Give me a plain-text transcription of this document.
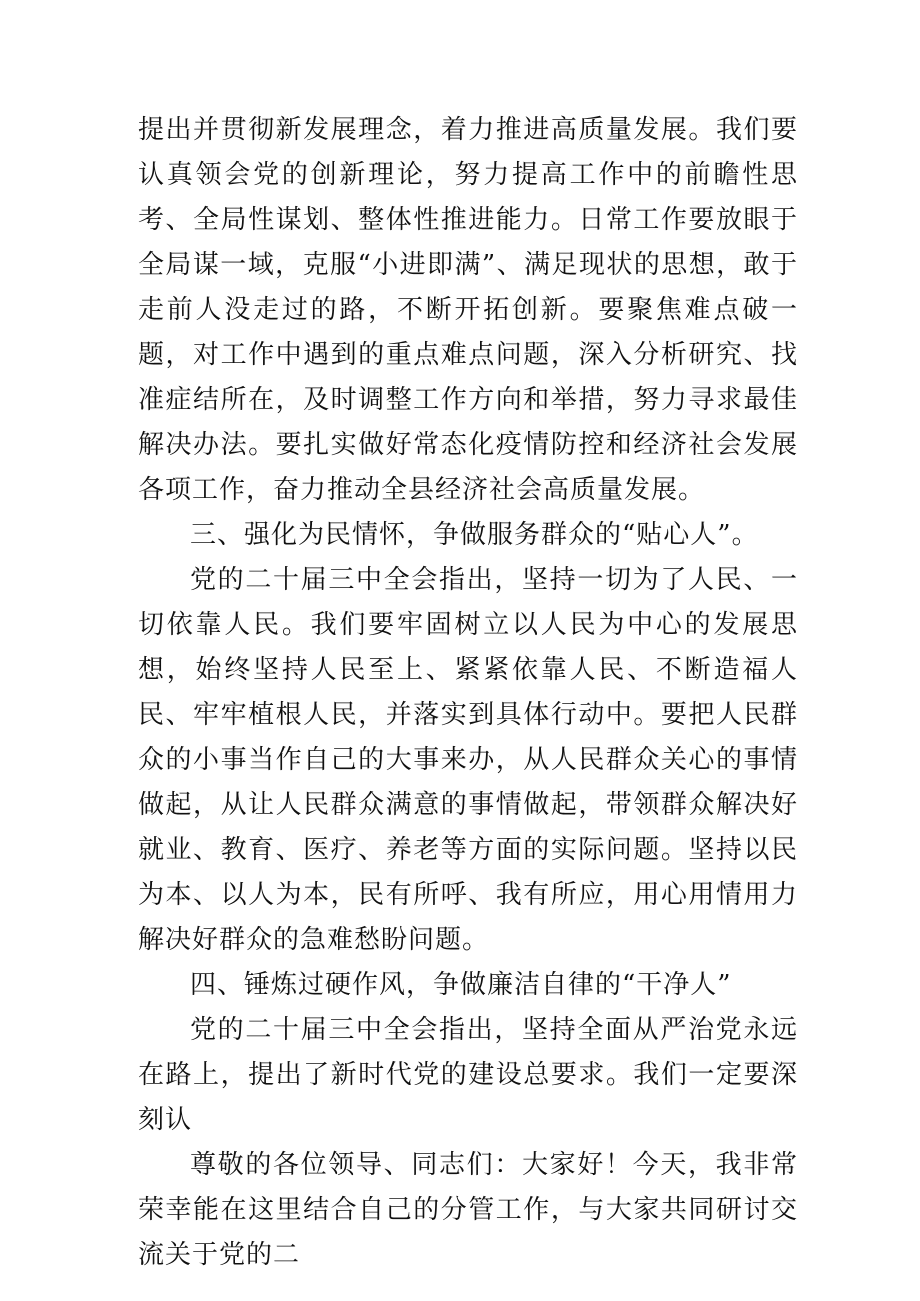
提出并贯彻新发展理念，着力推进高质量发展。我们要认真领会党的创新理论，努力提高工作中的前瞻性思考、全局性谋划、整体性推进能力。日常工作要放眼于全局谋一域，克服“小进即满”、满足现状的思想，敢于走前人没走过的路，不断开拓创新。要聚焦难点破一题，对工作中遇到的重点难点问题，深入分析研究、找准症结所在，及时调整工作方向和举措，努力寻求最佳解决办法。要扎实做好常态化疫情防控和经济社会发展各项工作，奋力推动全县经济社会高质量发展。

三、强化为民情怀，争做服务群众的“贴心人”。

党的二十届三中全会指出，坚持一切为了人民、一切依靠人民。我们要牢固树立以人民为中心的发展思想，始终坚持人民至上、紧紧依靠人民、不断造福人民、牢牢植根人民，并落实到具体行动中。要把人民群众的小事当作自己的大事来办，从人民群众关心的事情做起，从让人民群众满意的事情做起，带领群众解决好就业、教育、医疗、养老等方面的实际问题。坚持以民为本、以人为本，民有所呼、我有所应，用心用情用力解决好群众的急难愁盼问题。

四、锤炼过硬作风，争做廉洁自律的“干净人”

党的二十届三中全会指出，坚持全面从严治党永远在路上，提出了新时代党的建设总要求。我们一定要深刻认

尊敬的各位领导、同志们：大家好！今天，我非常荣幸能在这里结合自己的分管工作，与大家共同研讨交流关于党的二
